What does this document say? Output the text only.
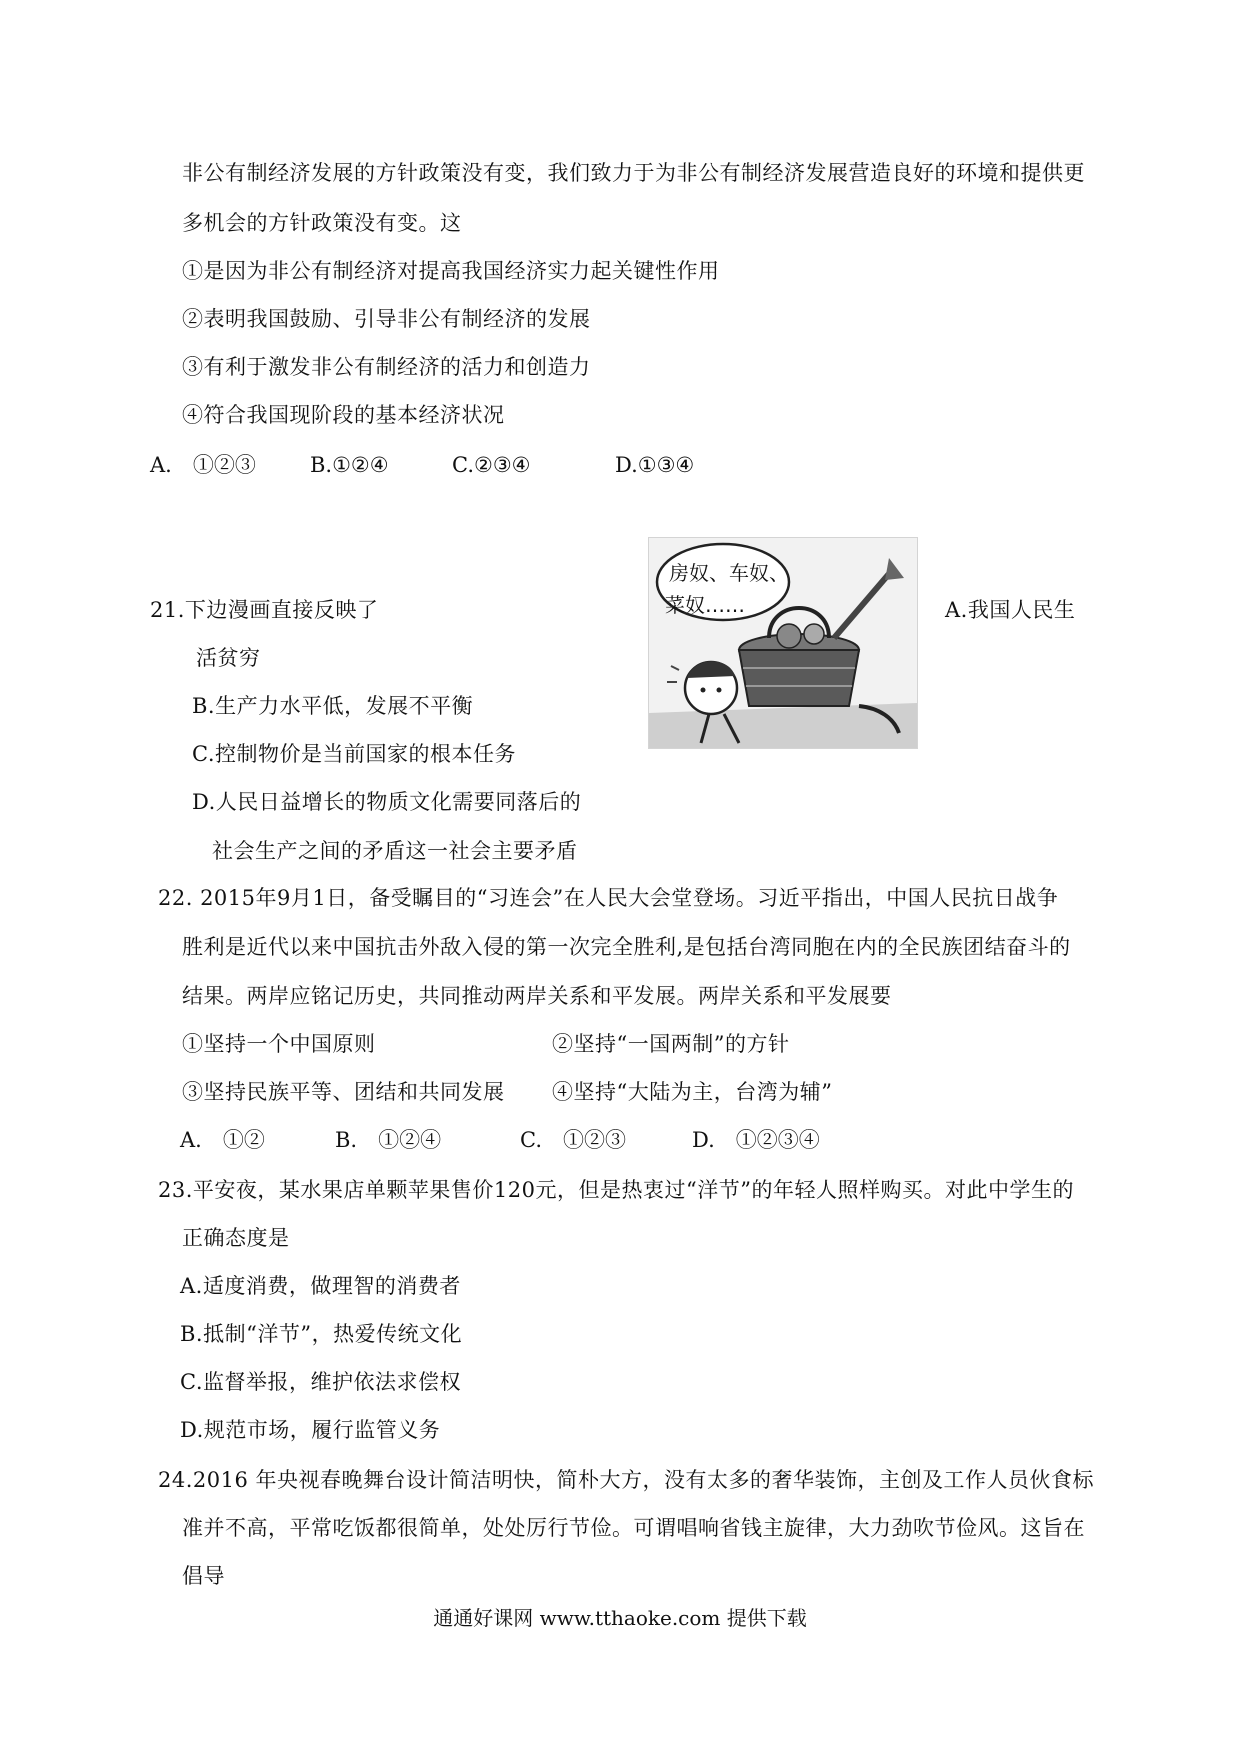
非公有制经济发展的方针政策没有变，我们致力于为非公有制经济发展营造良好的环境和提供更
多机会的方针政策没有变。这
①是因为非公有制经济对提高我国经济实力起关键性作用
②表明我国鼓励、引导非公有制经济的发展
③有利于激发非公有制经济的活力和创造力
④符合我国现阶段的基本经济状况
A.　①②③	B.①②④	C.②③④	D.①③④
21.下边漫画直接反映了	A.我国人民生
活贫穷
B.生产力水平低，发展不平衡
C.控制物价是当前国家的根本任务
D.人民日益增长的物质文化需要同落后的
社会生产之间的矛盾这一社会主要矛盾
房奴、车奴、
菜奴……
22. 2015年9月1日，备受瞩目的“习连会”在人民大会堂登场。习近平指出，中国人民抗日战争
胜利是近代以来中国抗击外敌入侵的第一次完全胜利,是包括台湾同胞在内的全民族团结奋斗的
结果。两岸应铭记历史，共同推动两岸关系和平发展。两岸关系和平发展要
①坚持一个中国原则	②坚持“一国两制”的方针
③坚持民族平等、团结和共同发展 ④坚持“大陆为主，台湾为辅”
A.　①②	B.　①②④	C.　①②③	D.　①②③④
23.平安夜，某水果店单颗苹果售价120元，但是热衷过“洋节”的年轻人照样购买。对此中学生的
正确态度是
A.适度消费，做理智的消费者
B.抵制“洋节”，热爱传统文化
C.监督举报，维护依法求偿权
D.规范市场，履行监管义务
24.2016 年央视春晚舞台设计简洁明快，简朴大方，没有太多的奢华装饰，主创及工作人员伙食标
准并不高，平常吃饭都很简单，处处厉行节俭。可谓唱响省钱主旋律，大力劲吹节俭风。这旨在
倡导
通通好课网 www.tthaoke.com 提供下载
